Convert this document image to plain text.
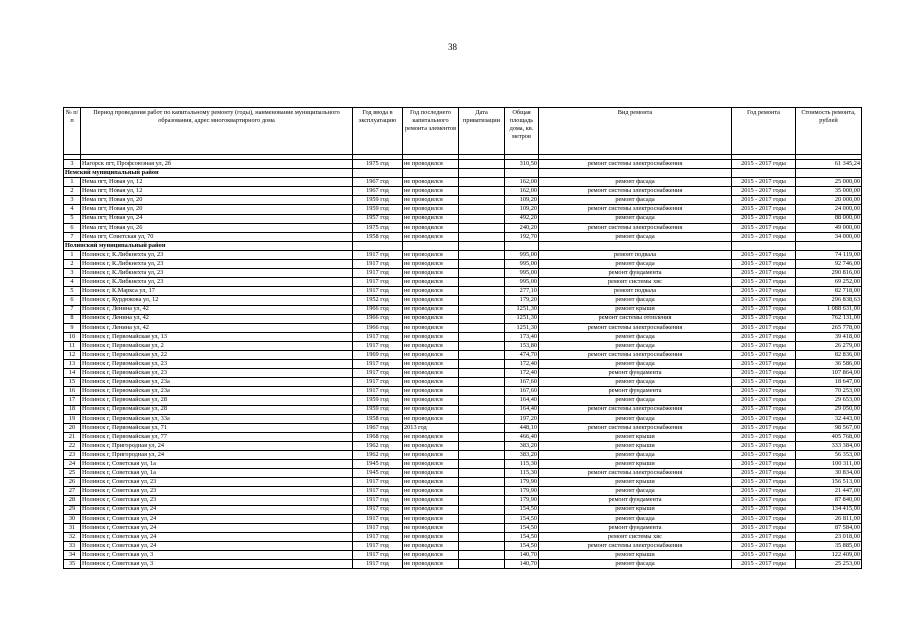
38
№ п/п	Период проведения работ по капитальному ремонту (годы), наименование муниципального образования, адрес многоквартирного дома	Год ввода в эксплуатацию	Год последнего капитального ремонта элементов	Дата приватизации	Общая площадь дома, кв. метров	Вид ремонта	Год ремонта	Стоимость ремонта, рублей

3	Нагорск пгт, Профсоюзная ул, 2б	1975 год	не проводился		310,50	ремонт системы электроснабжения	2015 - 2017 годы	61 345,24
Немский муниципальный район								
1	Нема пгт, Новая ул, 12	1967 год	не проводился		162,00	ремонт фасада	2015 - 2017 годы	25 000,00
2	Нема пгт, Новая ул, 12	1967 год	не проводился		162,00	ремонт системы электроснабжения	2015 - 2017 годы	35 000,00
3	Нема пгт, Новая ул, 20	1959 год	не проводился		109,20	ремонт фасада	2015 - 2017 годы	20 000,00
4	Нема пгт, Новая ул, 20	1959 год	не проводился		109,20	ремонт системы электроснабжения	2015 - 2017 годы	24 000,00
5	Нема пгт, Новая ул, 24	1957 год	не проводился		492,20	ремонт фасада	2015 - 2017 годы	88 000,00
6	Нема пгт, Новая ул, 26	1975 год	не проводился		240,20	ремонт системы электроснабжения	2015 - 2017 годы	49 000,00
7	Нема пгт, Советская ул, 70	1958 год	не проводился		192,70	ремонт фасада	2015 - 2017 годы	34 000,00
Нолинский муниципальный район								
1	Нолинск г, К.Либкнехта ул, 23	1917 год	не проводился		995,00	ремонт подвала	2015 - 2017 годы	74 119,00
2	Нолинск г, К.Либкнехта ул, 23	1917 год	не проводился		995,00	ремонт фасада	2015 - 2017 годы	92 746,00
3	Нолинск г, К.Либкнехта ул, 23	1917 год	не проводился		995,00	ремонт фундамента	2015 - 2017 годы	290 816,00
4	Нолинск г, К.Либкнехта ул, 23	1917 год	не проводился		995,00	ремонт системы хвс	2015 - 2017 годы	69 252,00
5	Нолинск г, К.Маркса ул, 17	1917 год	не проводился		277,10	ремонт подвала	2015 - 2017 годы	82 718,00
6	Нолинск г, Курдюкова ул, 12	1952 год	не проводился		179,20	ремонт фасада	2015 - 2017 годы	296 838,63
7	Нолинск г, Ленина ул, 42	1966 год	не проводился		1251,30	ремонт крыши	2015 - 2017 годы	1 088 631,00
8	Нолинск г, Ленина ул, 42	1966 год	не проводился		1251,30	ремонт системы отопления	2015 - 2017 годы	762 131,00
9	Нолинск г, Ленина ул, 42	1966 год	не проводился		1251,30	ремонт системы электроснабжения	2015 - 2017 годы	265 778,00
10	Нолинск г, Первомайская ул, 13	1917 год	не проводился		173,40	ремонт фасада	2015 - 2017 годы	39 418,00
11	Нолинск г, Первомайская ул, 2	1917 год	не проводился		153,80	ремонт фасада	2015 - 2017 годы	26 279,00
12	Нолинск г, Первомайская ул, 22	1969 год	не проводился		474,70	ремонт системы электроснабжения	2015 - 2017 годы	82 836,00
13	Нолинск г, Первомайская ул, 23	1917 год	не проводился		172,40	ремонт фасада	2015 - 2017 годы	36 586,00
14	Нолинск г, Первомайская ул, 23	1917 год	не проводился		172,40	ремонт фундамента	2015 - 2017 годы	107 864,00
15	Нолинск г, Первомайская ул, 23а	1917 год	не проводился		167,60	ремонт фасада	2015 - 2017 годы	18 647,00
16	Нолинск г, Первомайская ул, 23а	1917 год	не проводился		167,60	ремонт фундамента	2015 - 2017 годы	70 253,00
17	Нолинск г, Первомайская ул, 28	1959 год	не проводился		164,40	ремонт фасада	2015 - 2017 годы	29 653,00
18	Нолинск г, Первомайская ул, 28	1959 год	не проводился		164,40	ремонт системы электроснабжения	2015 - 2017 годы	29 050,00
19	Нолинск г, Первомайская ул, 33а	1958 год	не проводился		197,20	ремонт фасада	2015 - 2017 годы	32 443,00
20	Нолинск г, Первомайская ул, 71	1967 год	2013 год		448,10	ремонт системы электроснабжения	2015 - 2017 годы	98 567,00
21	Нолинск г, Первомайская ул, 77	1968 год	не проводился		466,40	ремонт крыши	2015 - 2017 годы	405 768,00
22	Нолинск г, Пригородная ул, 24	1962 год	не проводился		383,20	ремонт крыши	2015 - 2017 годы	333 384,00
23	Нолинск г, Пригородная ул, 24	1962 год	не проводился		383,20	ремонт фасада	2015 - 2017 годы	56 353,00
24	Нолинск г, Советская ул, 1а	1945 год	не проводился		115,30	ремонт крыши	2015 - 2017 годы	100 311,00
25	Нолинск г, Советская ул, 1а	1945 год	не проводился		115,30	ремонт системы электроснабжения	2015 - 2017 годы	30 834,00
26	Нолинск г, Советская ул, 23	1917 год	не проводился		179,90	ремонт крыши	2015 - 2017 годы	156 513,00
27	Нолинск г, Советская ул, 23	1917 год	не проводился		179,90	ремонт фасада	2015 - 2017 годы	21 447,00
28	Нолинск г, Советская ул, 23	1917 год	не проводился		179,90	ремонт фундамента	2015 - 2017 годы	87 840,00
29	Нолинск г, Советская ул, 24	1917 год	не проводился		154,50	ремонт крыши	2015 - 2017 годы	134 415,00
30	Нолинск г, Советская ул, 24	1917 год	не проводился		154,50	ремонт фасада	2015 - 2017 годы	26 811,00
31	Нолинск г, Советская ул, 24	1917 год	не проводился		154,50	ремонт фундамента	2015 - 2017 годы	87 584,00
32	Нолинск г, Советская ул, 24	1917 год	не проводился		154,50	ремонт системы хвс	2015 - 2017 годы	23 018,00
33	Нолинск г, Советская ул, 24	1917 год	не проводился		154,50	ремонт системы электроснабжения	2015 - 2017 годы	35 885,00
34	Нолинск г, Советская ул, 3	1917 год	не проводился		140,70	ремонт крыши	2015 - 2017 годы	122 409,00
35	Нолинск г, Советская ул, 3	1917 год	не проводился		140,70	ремонт фасада	2015 - 2017 годы	25 253,00
